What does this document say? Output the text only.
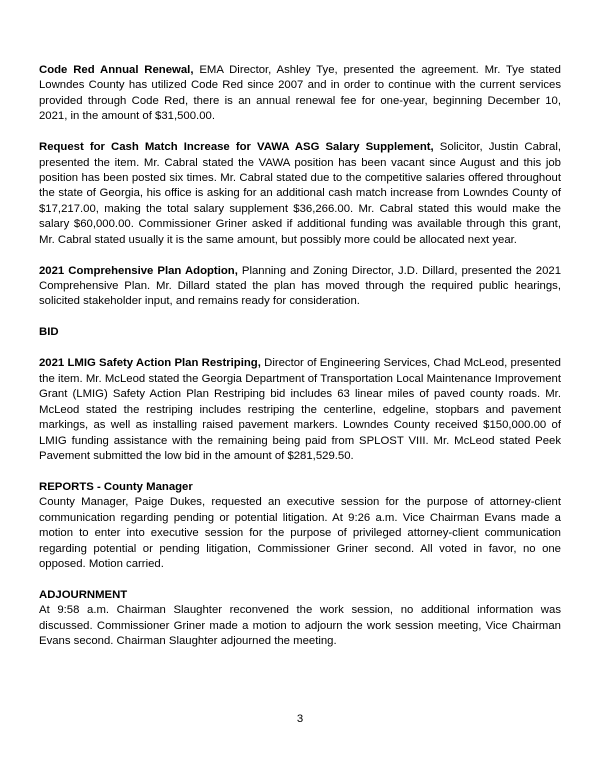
Code Red Annual Renewal, EMA Director, Ashley Tye, presented the agreement. Mr. Tye stated Lowndes County has utilized Code Red since 2007 and in order to continue with the current services provided through Code Red, there is an annual renewal fee for one-year, beginning December 10, 2021, in the amount of $31,500.00.

Request for Cash Match Increase for VAWA ASG Salary Supplement, Solicitor, Justin Cabral, presented the item. Mr. Cabral stated the VAWA position has been vacant since August and this job position has been posted six times. Mr. Cabral stated due to the competitive salaries offered throughout the state of Georgia, his office is asking for an additional cash match increase from Lowndes County of $17,217.00, making the total salary supplement $36,266.00. Mr. Cabral stated this would make the salary $60,000.00. Commissioner Griner asked if additional funding was available through this grant, Mr. Cabral stated usually it is the same amount, but possibly more could be allocated next year.

2021 Comprehensive Plan Adoption, Planning and Zoning Director, J.D. Dillard, presented the 2021 Comprehensive Plan. Mr. Dillard stated the plan has moved through the required public hearings, solicited stakeholder input, and remains ready for consideration.

BID

2021 LMIG Safety Action Plan Restriping, Director of Engineering Services, Chad McLeod, presented the item. Mr. McLeod stated the Georgia Department of Transportation Local Maintenance Improvement Grant (LMIG) Safety Action Plan Restriping bid includes 63 linear miles of paved county roads. Mr. McLeod stated the restriping includes restriping the centerline, edgeline, stopbars and pavement markings, as well as installing raised pavement markers. Lowndes County received $150,000.00 of LMIG funding assistance with the remaining being paid from SPLOST VIII. Mr. McLeod stated Peek Pavement submitted the low bid in the amount of $281,529.50.

REPORTS - County Manager
County Manager, Paige Dukes, requested an executive session for the purpose of attorney-client communication regarding pending or potential litigation. At 9:26 a.m. Vice Chairman Evans made a motion to enter into executive session for the purpose of privileged attorney-client communication regarding potential or pending litigation, Commissioner Griner second. All voted in favor, no one opposed. Motion carried.
ADJOURNMENT
At 9:58 a.m. Chairman Slaughter reconvened the work session, no additional information was discussed. Commissioner Griner made a motion to adjourn the work session meeting, Vice Chairman Evans second. Chairman Slaughter adjourned the meeting.
3
